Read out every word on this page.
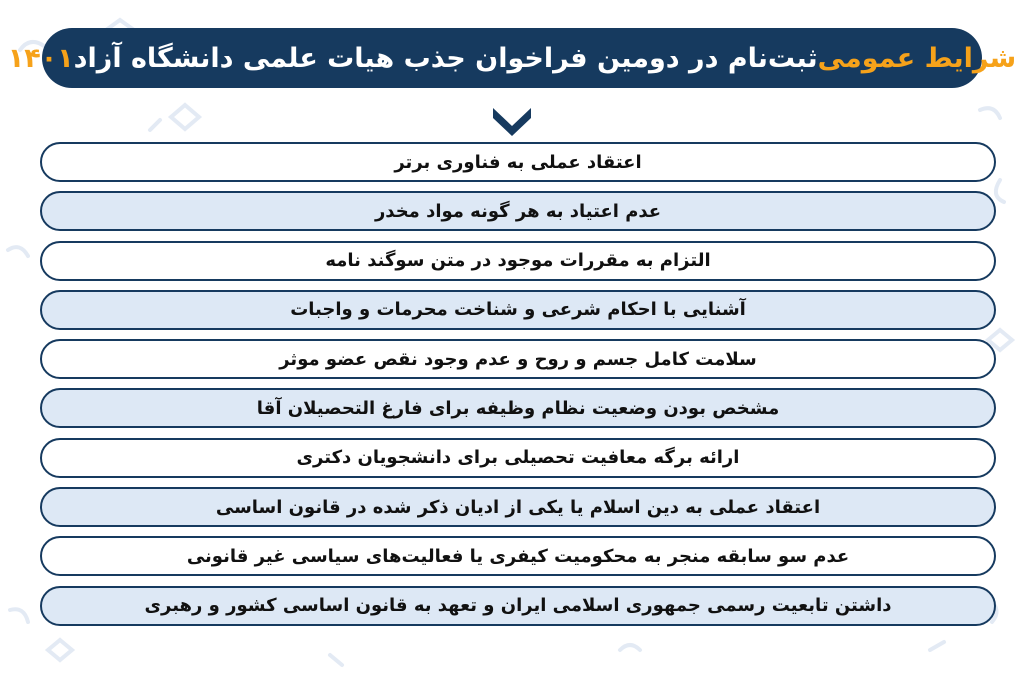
شرایط عمومی
ثبت‌نام در دومین فراخوان جذب هیات علمی دانشگاه آزاد
۱۴۰۱
اعتقاد عملی به فناوری برتر
عدم اعتیاد به هر گونه مواد مخدر
التزام به مقررات موجود در متن سوگند نامه
آشنایی با احکام شرعی و شناخت محرمات و واجبات
سلامت کامل جسم و روح و عدم وجود نقص عضو موثر
مشخص بودن وضعیت نظام وظیفه برای فارغ التحصیلان آقا
ارائه برگه معافیت تحصیلی برای دانشجویان دکتری
اعتقاد عملی به دین اسلام یا یکی از ادیان ذکر شده در قانون اساسی
عدم سو سابقه منجر به محکومیت کیفری یا فعالیت‌های سیاسی غیر قانونی
داشتن تابعیت رسمی جمهوری اسلامی ایران و تعهد به قانون اساسی کشور و رهبری
